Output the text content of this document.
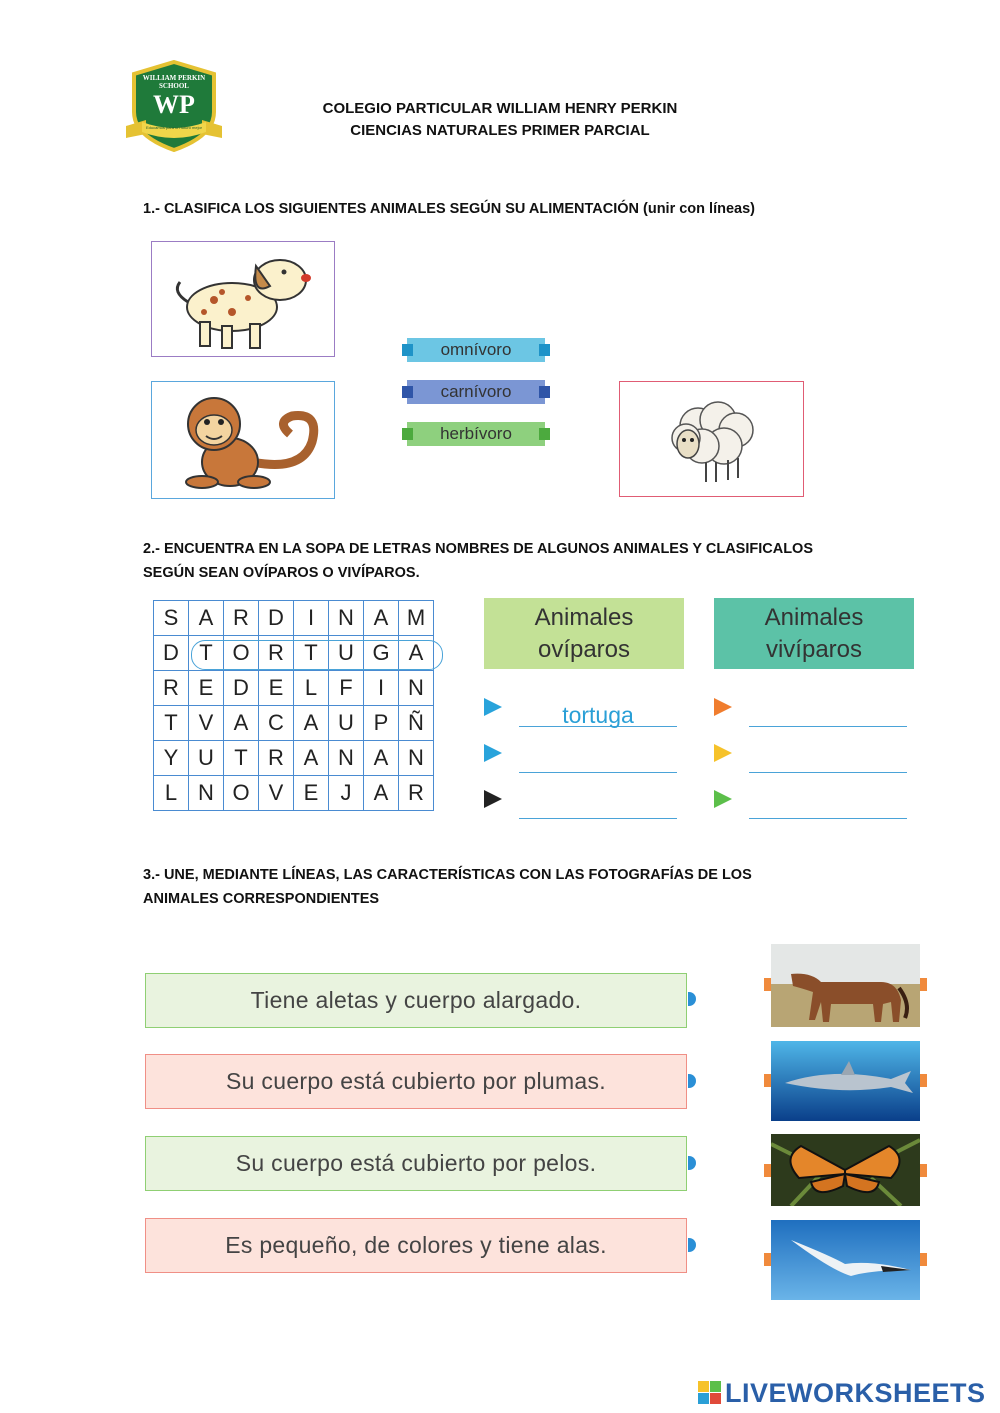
WILLIAM PERKIN SCHOOL
WP
Educamos para un futuro mejor
COLEGIO PARTICULAR WILLIAM HENRY PERKIN
CIENCIAS NATURALES PRIMER PARCIAL
1.- CLASIFICA LOS SIGUIENTES ANIMALES SEGÚN SU ALIMENTACIÓN (unir con líneas)
omnívoro
carnívoro
herbívoro
2.- ENCUENTRA EN LA SOPA DE LETRAS NOMBRES DE ALGUNOS ANIMALES Y CLASIFICALOS
SEGÚN SEAN OVÍPAROS O VIVÍPAROS.
S	A	R	D	I	N	A	M
D	T	O	R	T	U	G	A
R	E	D	E	L	F	I	N
T	V	A	C	A	U	P	Ñ
Y	U	T	R	A	N	A	N
L	N	O	V	E	J	A	R
Animales
ovíparos
Animales
vivíparos
tortuga
3.- UNE, MEDIANTE LÍNEAS, LAS CARACTERÍSTICAS CON LAS FOTOGRAFÍAS DE LOS
ANIMALES CORRESPONDIENTES
Tiene aletas y cuerpo alargado.
Su cuerpo está cubierto por plumas.
Su cuerpo está cubierto por pelos.
Es pequeño, de colores y tiene alas.
LIVEWORKSHEETS
